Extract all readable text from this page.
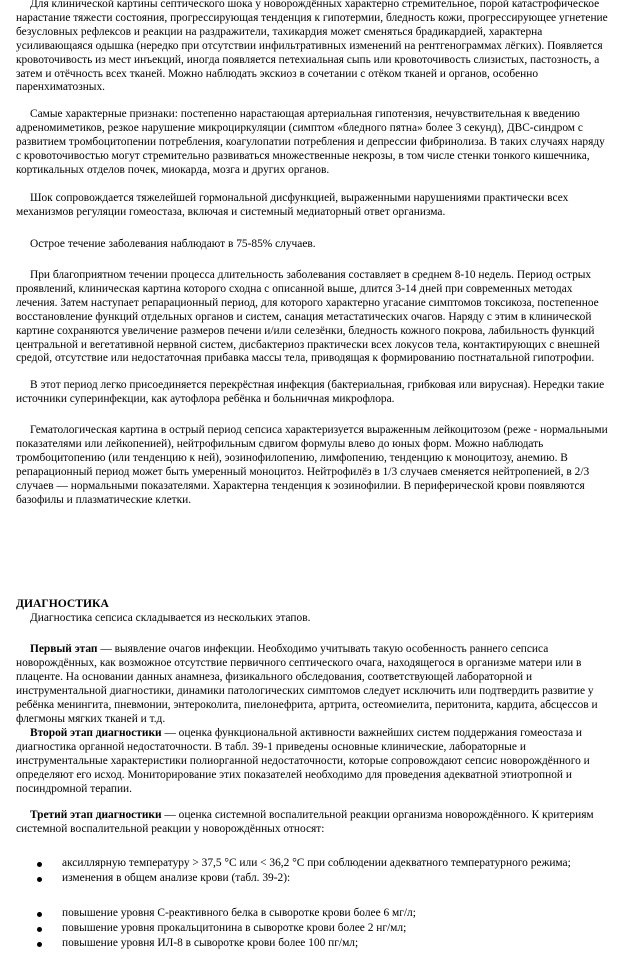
Для клинической картины септического шока у новорождённых характерно стремительное, порой катастрофическое нарастание тяжести состояния, прогрессирующая тенденция к гипотермии, бледность кожи, прогрессирующее угнетение безусловных рефлексов и реакции на раздражители, тахикардия может сменяться брадикардией, характерна усиливающаяся одышка (нередко при отсутствии инфильтративных изменений на рентгенограммах лёгких). Появляется кровоточивость из мест инъекций, иногда появляется петехиальная сыпь или кровоточивость слизистых, пастозность, а затем и отёчность всех тканей. Можно наблюдать экскиоз в сочетании с отёком тканей и органов, особенно паренхиматозных.

Самые характерные признаки: постепенно нарастающая артериальная гипотензия, нечувствительная к введению адреномиметиков, резкое нарушение микроциркуляции (симптом «бледного пятна» более 3 секунд), ДВС-синдром с развитием тромбоцитопении потребления, коагулопатии потребления и депрессии фибринолиза. В таких случаях наряду с кровоточивостью могут стремительно развиваться множественные некрозы, в том числе стенки тонкого кишечника, кортикальных отделов почек, миокарда, мозга и других органов.

Шок сопровождается тяжелейшей гормональной дисфункцией, выраженными нарушениями практически всех механизмов регуляции гомеостаза, включая и системный медиаторный ответ организма.

Острое течение заболевания наблюдают в 75-85% случаев.

При благоприятном течении процесса длительность заболевания составляет в среднем 8-10 недель. Период острых проявлений, клиническая картина которого сходна с описанной выше, длится 3-14 дней при современных методах лечения. Затем наступает репарационный период, для которого характерно угасание симптомов токсикоза, постепенное восстановление функций отдельных органов и систем, санация метастатических очагов. Наряду с этим в клинической картине сохраняются увеличение размеров печени и/или селезёнки, бледность кожного покрова, лабильность функций центральной и вегетативной нервной систем, дисбактериоз практически всех локусов тела, контактирующих с внешней средой, отсутствие или недостаточная прибавка массы тела, приводящая к формированию постнатальной гипотрофии.

В этот период легко присоединяется перекрёстная инфекция (бактериальная, грибковая или вирусная). Нередки такие источники суперинфекции, как аутофлора ребёнка и больничная микрофлора.

Гематологическая картина в острый период сепсиса характеризуется выраженным лейкоцитозом (реже - нормальными показателями или лейкопенией), нейтрофильным сдвигом формулы влево до юных форм. Можно наблюдать тромбоцитопению (или тенденцию к ней), эозинофилопению, лимфопению, тенденцию к моноцитозу, анемию. В репарационный период может быть умеренный моноцитоз. Нейтрофилёз в 1/3 случаев сменяется нейтропенией, в 2/3 случаев — нормальными показателями. Характерна тенденция к эозинофилии. В периферической крови появляются базофилы и плазматические клетки.

ДИАГНОСТИКА

Диагностика сепсиса складывается из нескольких этапов.

Первый этап — выявление очагов инфекции. Необходимо учитывать такую особенность раннего сепсиса новорождённых, как возможное отсутствие первичного септического очага, находящегося в организме матери или в плаценте. На основании данных анамнеза, физикального обследования, соответствующей лабораторной и инструментальной диагностики, динамики патологических симптомов следует исключить или подтвердить развитие у ребёнка менингита, пневмонии, энтероколита, пиелонефрита, артрита, остеомиелита, перитонита, кардита, абсцессов и флегмоны мягких тканей и т.д.

Второй этап диагностики — оценка функциональной активности важнейших систем поддержания гомеостаза и диагностика органной недостаточности. В табл. 39-1 приведены основные клинические, лабораторные и инструментальные характеристики полиорганной недостаточности, которые сопровождают сепсис новорождённого и определяют его исход. Мониторирование этих показателей необходимо для проведения адекватной этиотропной и посиндромной терапии.

Третий этап диагностики — оценка системной воспалительной реакции организма новорождённого. К критериям системной воспалительной реакции у новорождённых относят:

аксиллярную температуру > 37,5 °С или < 36,2 °С при соблюдении адекватного температурного режима;
изменения в общем анализе крови (табл. 39-2):
повышение уровня С-реактивного белка в сыворотке крови более 6 мг/л;
повышение уровня прокальцитонина в сыворотке крови более 2 нг/мл;
повышение уровня ИЛ-8 в сыворотке крови более 100 пг/мл;
